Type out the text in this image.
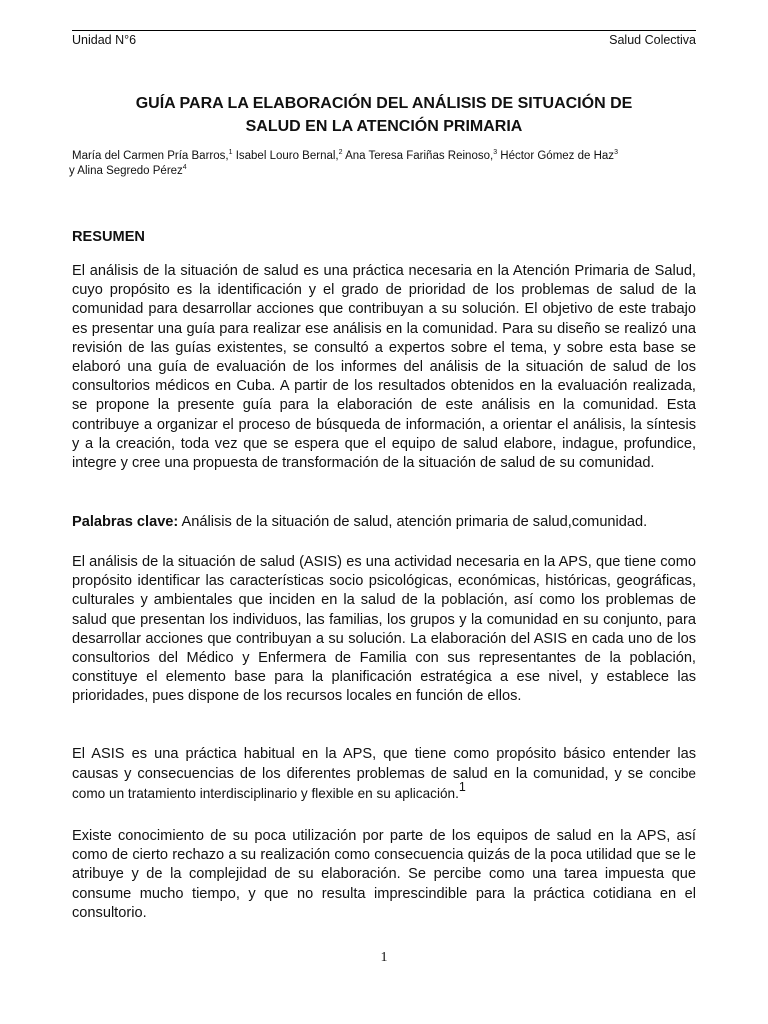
Unidad N°6	Salud Colectiva
GUÍA PARA LA ELABORACIÓN DEL ANÁLISIS DE SITUACIÓN DE
SALUD EN LA ATENCIÓN PRIMARIA
María del Carmen Pría Barros,$^1$ Isabel Louro Bernal,$^2$ Ana Teresa Fariñas Reinoso,$^3$ Héctor Gómez de Haz$^3$
y Alina Segredo Pérez$^4$
RESUMEN
El análisis de la situación de salud es una práctica necesaria en la Atención Primaria de Salud, cuyo propósito es la identificación y el grado de prioridad de los problemas de salud de la comunidad para desarrollar acciones que contribuyan a su solución. El objetivo de este trabajo es presentar una guía para realizar ese análisis en la comunidad. Para su diseño se realizó una revisión de las guías existentes, se consultó a expertos sobre el tema, y sobre esta base se elaboró una guía de evaluación de los informes del análisis de la situación de salud de los consultorios médicos en Cuba. A partir de los resultados obtenidos en la evaluación realizada, se propone la presente guía para la elaboración de este análisis en la comunidad. Esta contribuye a organizar el proceso de búsqueda de información, a orientar el análisis, la síntesis y a la creación, toda vez que se espera que el equipo de salud elabore, indague, profundice, integre y cree una propuesta de transformación de la situación de salud de su comunidad.
Palabras clave: Análisis de la situación de salud, atención primaria de salud,comunidad.
El análisis de la situación de salud (ASIS) es una actividad necesaria en la APS, que tiene como propósito identificar las características socio psicológicas, económicas, históricas, geográficas, culturales y ambientales que inciden en la salud de la población, así como los problemas de salud que presentan los individuos, las familias, los grupos y la comunidad en su conjunto, para desarrollar acciones que contribuyan a su solución. La elaboración del ASIS en cada uno de los consultorios del Médico y Enfermera de Familia con sus representantes de la población, constituye el elemento base para la planificación estratégica a ese nivel, y establece las prioridades, pues dispone de los recursos locales en función de ellos.
El ASIS es una práctica habitual en la APS, que tiene como propósito básico entender las causas y consecuencias de los diferentes problemas de salud en la comunidad, y se concibe como un tratamiento interdisciplinario y flexible en su aplicación.1
Existe conocimiento de su poca utilización por parte de los equipos de salud en la APS, así como de cierto rechazo a su realización como consecuencia quizás de la poca utilidad que se le atribuye y de la complejidad de su elaboración. Se percibe como una tarea impuesta que consume mucho tiempo, y que no resulta imprescindible para la práctica cotidiana en el consultorio.
1
